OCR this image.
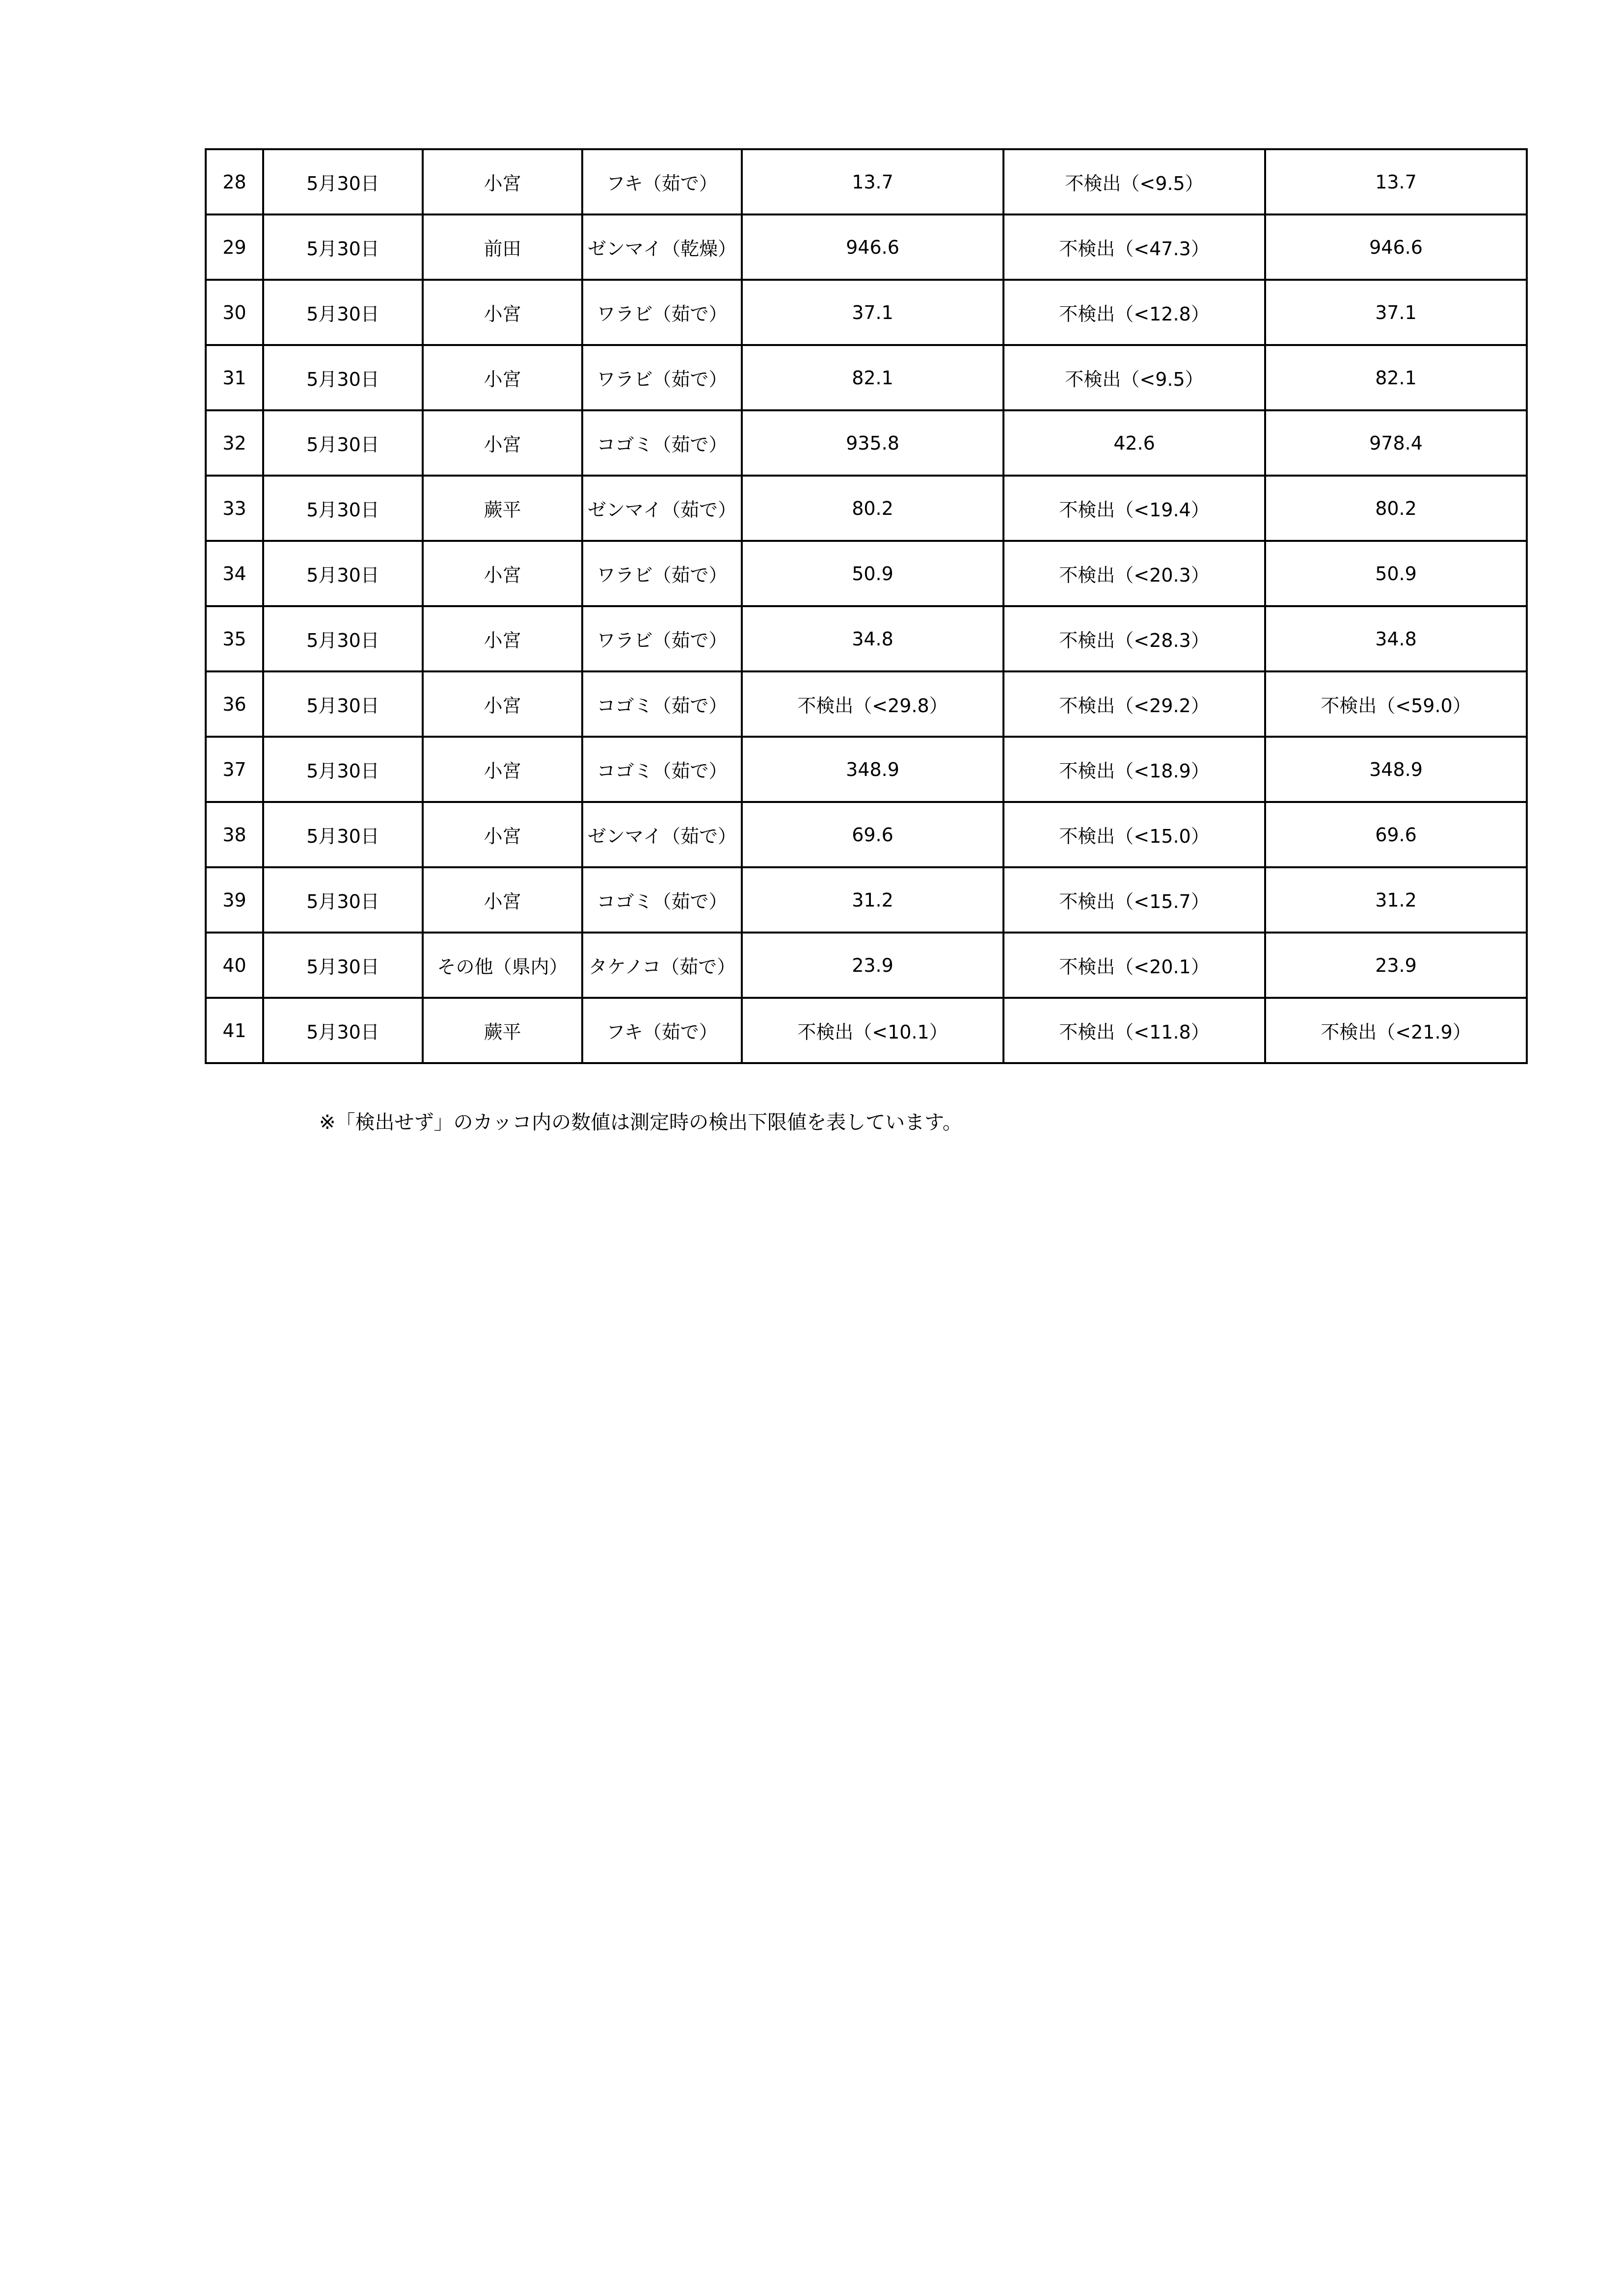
28	5月30日	小宮	フキ（茹で）	13.7	不検出（<9.5）	13.7
29	5月30日	前田	ゼンマイ（乾燥）	946.6	不検出（<47.3）	946.6
30	5月30日	小宮	ワラビ（茹で）	37.1	不検出（<12.8）	37.1
31	5月30日	小宮	ワラビ（茹で）	82.1	不検出（<9.5）	82.1
32	5月30日	小宮	コゴミ（茹で）	935.8	42.6	978.4
33	5月30日	蕨平	ゼンマイ（茹で）	80.2	不検出（<19.4）	80.2
34	5月30日	小宮	ワラビ（茹で）	50.9	不検出（<20.3）	50.9
35	5月30日	小宮	ワラビ（茹で）	34.8	不検出（<28.3）	34.8
36	5月30日	小宮	コゴミ（茹で）	不検出（<29.8）	不検出（<29.2）	不検出（<59.0）
37	5月30日	小宮	コゴミ（茹で）	348.9	不検出（<18.9）	348.9
38	5月30日	小宮	ゼンマイ（茹で）	69.6	不検出（<15.0）	69.6
39	5月30日	小宮	コゴミ（茹で）	31.2	不検出（<15.7）	31.2
40	5月30日	その他（県内）	タケノコ（茹で）	23.9	不検出（<20.1）	23.9
41	5月30日	蕨平	フキ（茹で）	不検出（<10.1）	不検出（<11.8）	不検出（<21.9）
※「検出せず」のカッコ内の数値は測定時の検出下限値を表しています。
